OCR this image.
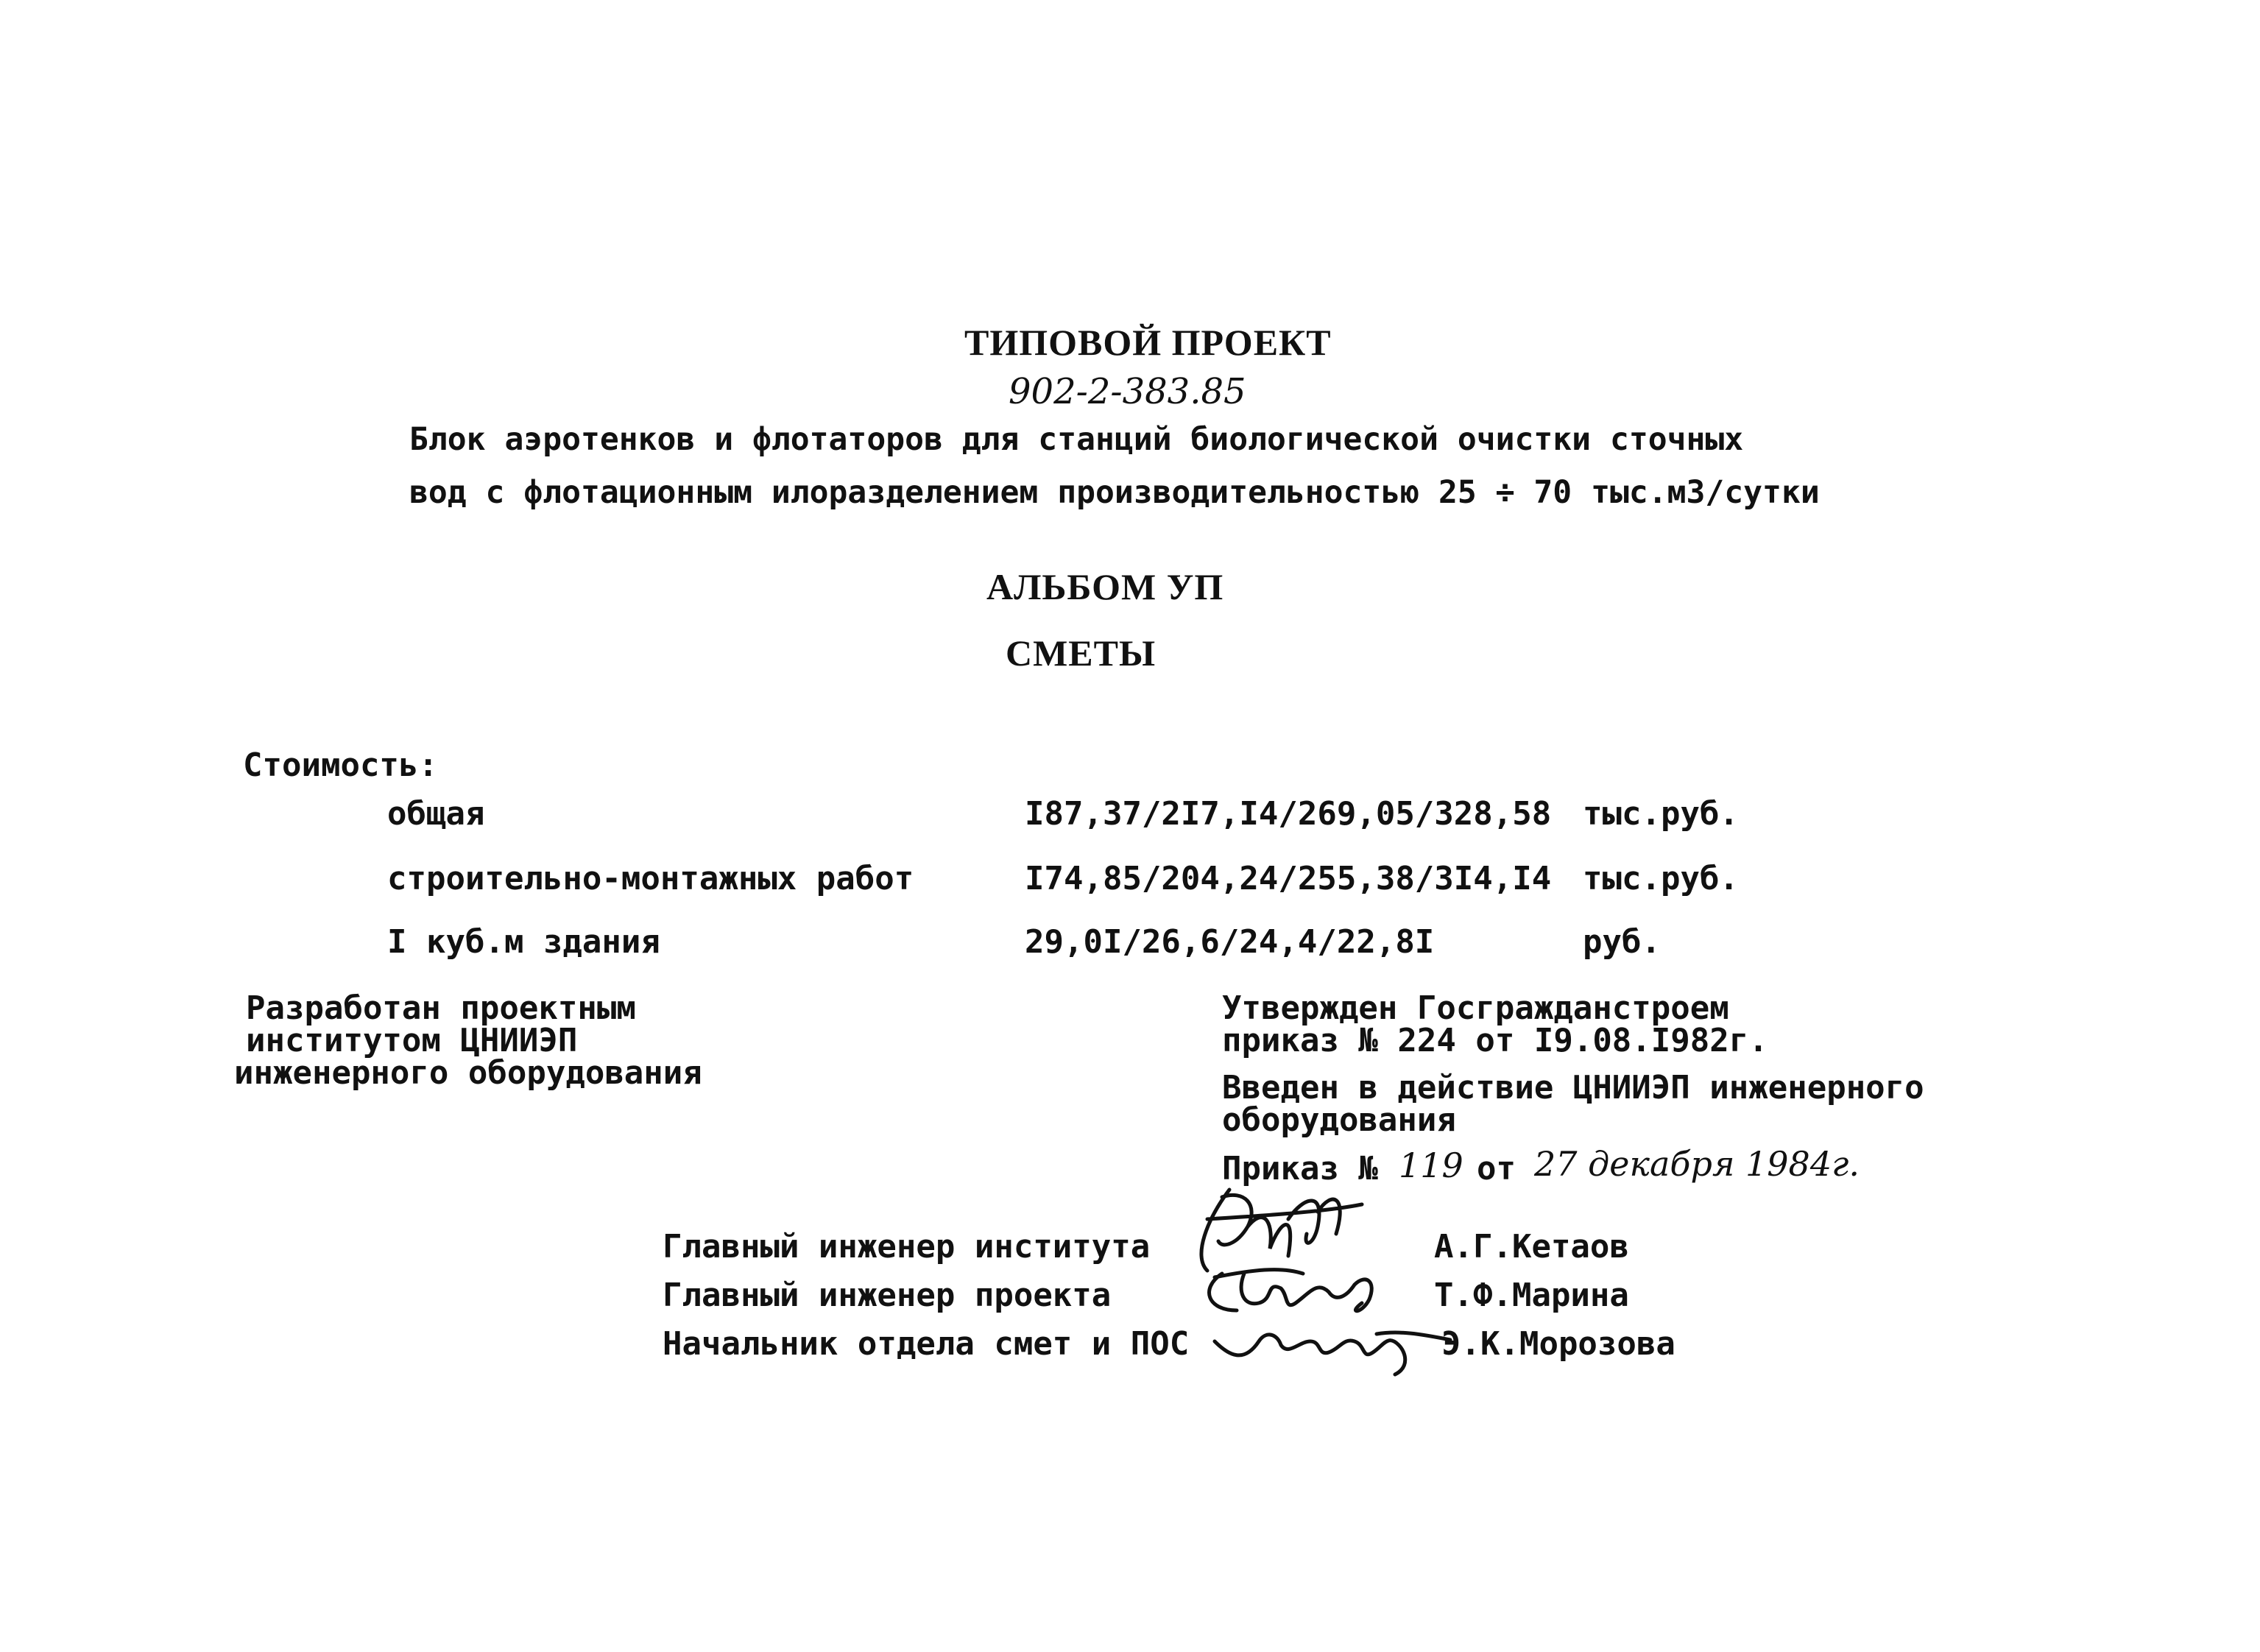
ТИПОВОЙ ПРОЕКТ
902-2-383.85
Блок аэротенков и флотаторов для станций биологической очистки сточных
вод с флотационным илоразделением производительностью 25 ÷ 70 тыс.м3/сутки
АЛЬБОМ УП
СМЕТЫ
Стоимость:
общая	I87,37/2I7,I4/269,05/328,58 тыс.руб.
строительно-монтажных работ	I74,85/204,24/255,38/3I4,I4 тыс.руб.
I куб.м здания	29,0I/26,6/24,4/22,8I	руб.
Разработан проектным
институтом ЦНИИЭП
инженерного оборудования
Утвержден Госгражданстроем
приказ № 224 от I9.08.I982г.
Введен в действие ЦНИИЭП инженерного
оборудования
Приказ № 119 от 27 декабря 1984г.
Главный инженер института	А.Г.Кетаов
Главный инженер проекта	Т.Ф.Марина
Начальник отдела смет и ПОС	Э.К.Морозова
